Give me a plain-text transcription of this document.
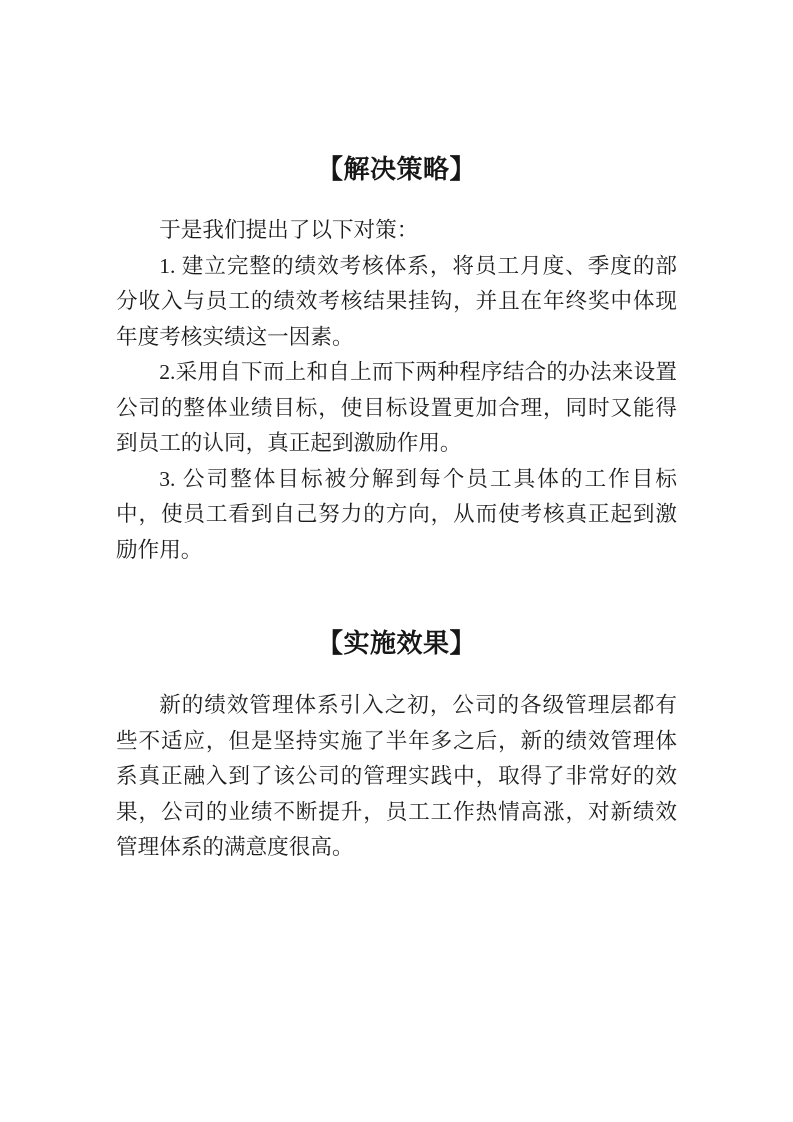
【解决策略】

于是我们提出了以下对策：

1. 建立完整的绩效考核体系，将员工月度、季度的部分收入与员工的绩效考核结果挂钩，并且在年终奖中体现年度考核实绩这一因素。

2.采用自下而上和自上而下两种程序结合的办法来设置公司的整体业绩目标，使目标设置更加合理，同时又能得到员工的认同，真正起到激励作用。

3. 公司整体目标被分解到每个员工具体的工作目标中，使员工看到自己努力的方向，从而使考核真正起到激励作用。

【实施效果】

新的绩效管理体系引入之初，公司的各级管理层都有些不适应，但是坚持实施了半年多之后，新的绩效管理体系真正融入到了该公司的管理实践中，取得了非常好的效果，公司的业绩不断提升，员工工作热情高涨，对新绩效管理体系的满意度很高。
